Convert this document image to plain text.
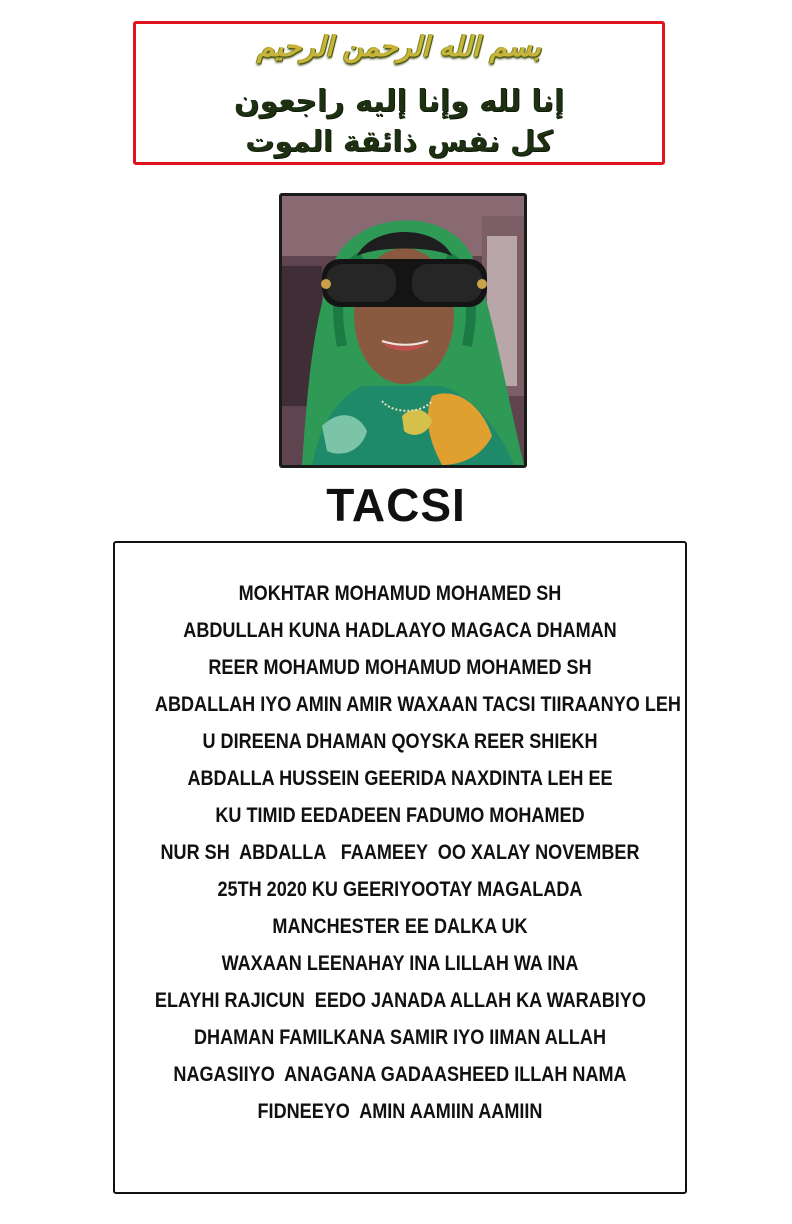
بسم الله الرحمن الرحيم
إنا لله وإنا إليه راجعون
كل نفس ذائقة الموت
TACSI
MOKHTAR MOHAMUD MOHAMED SH
ABDULLAH KUNA HADLAAYO MAGACA DHAMAN
REER MOHAMUD MOHAMUD MOHAMED SH
ABDALLAH IYO AMIN AMIR WAXAAN TACSI TIIRAANYO LEH
U DIREENA DHAMAN QOYSKA REER SHIEKH
ABDALLA HUSSEIN GEERIDA NAXDINTA LEH EE
KU TIMID EEDADEEN FADUMO MOHAMED
NUR SH  ABDALLA   FAAMEEY  OO XALAY NOVEMBER
25TH 2020 KU GEERIYOOTAY MAGALADA
MANCHESTER EE DALKA UK
WAXAAN LEENAHAY INA LILLAH WA INA
ELAYHI RAJICUN  EEDO JANADA ALLAH KA WARABIYO
DHAMAN FAMILKANA SAMIR IYO IIMAN ALLAH
NAGASIIYO  ANAGANA GADAASHEED ILLAH NAMA
FIDNEEYO  AMIN AAMIIN AAMIIN
